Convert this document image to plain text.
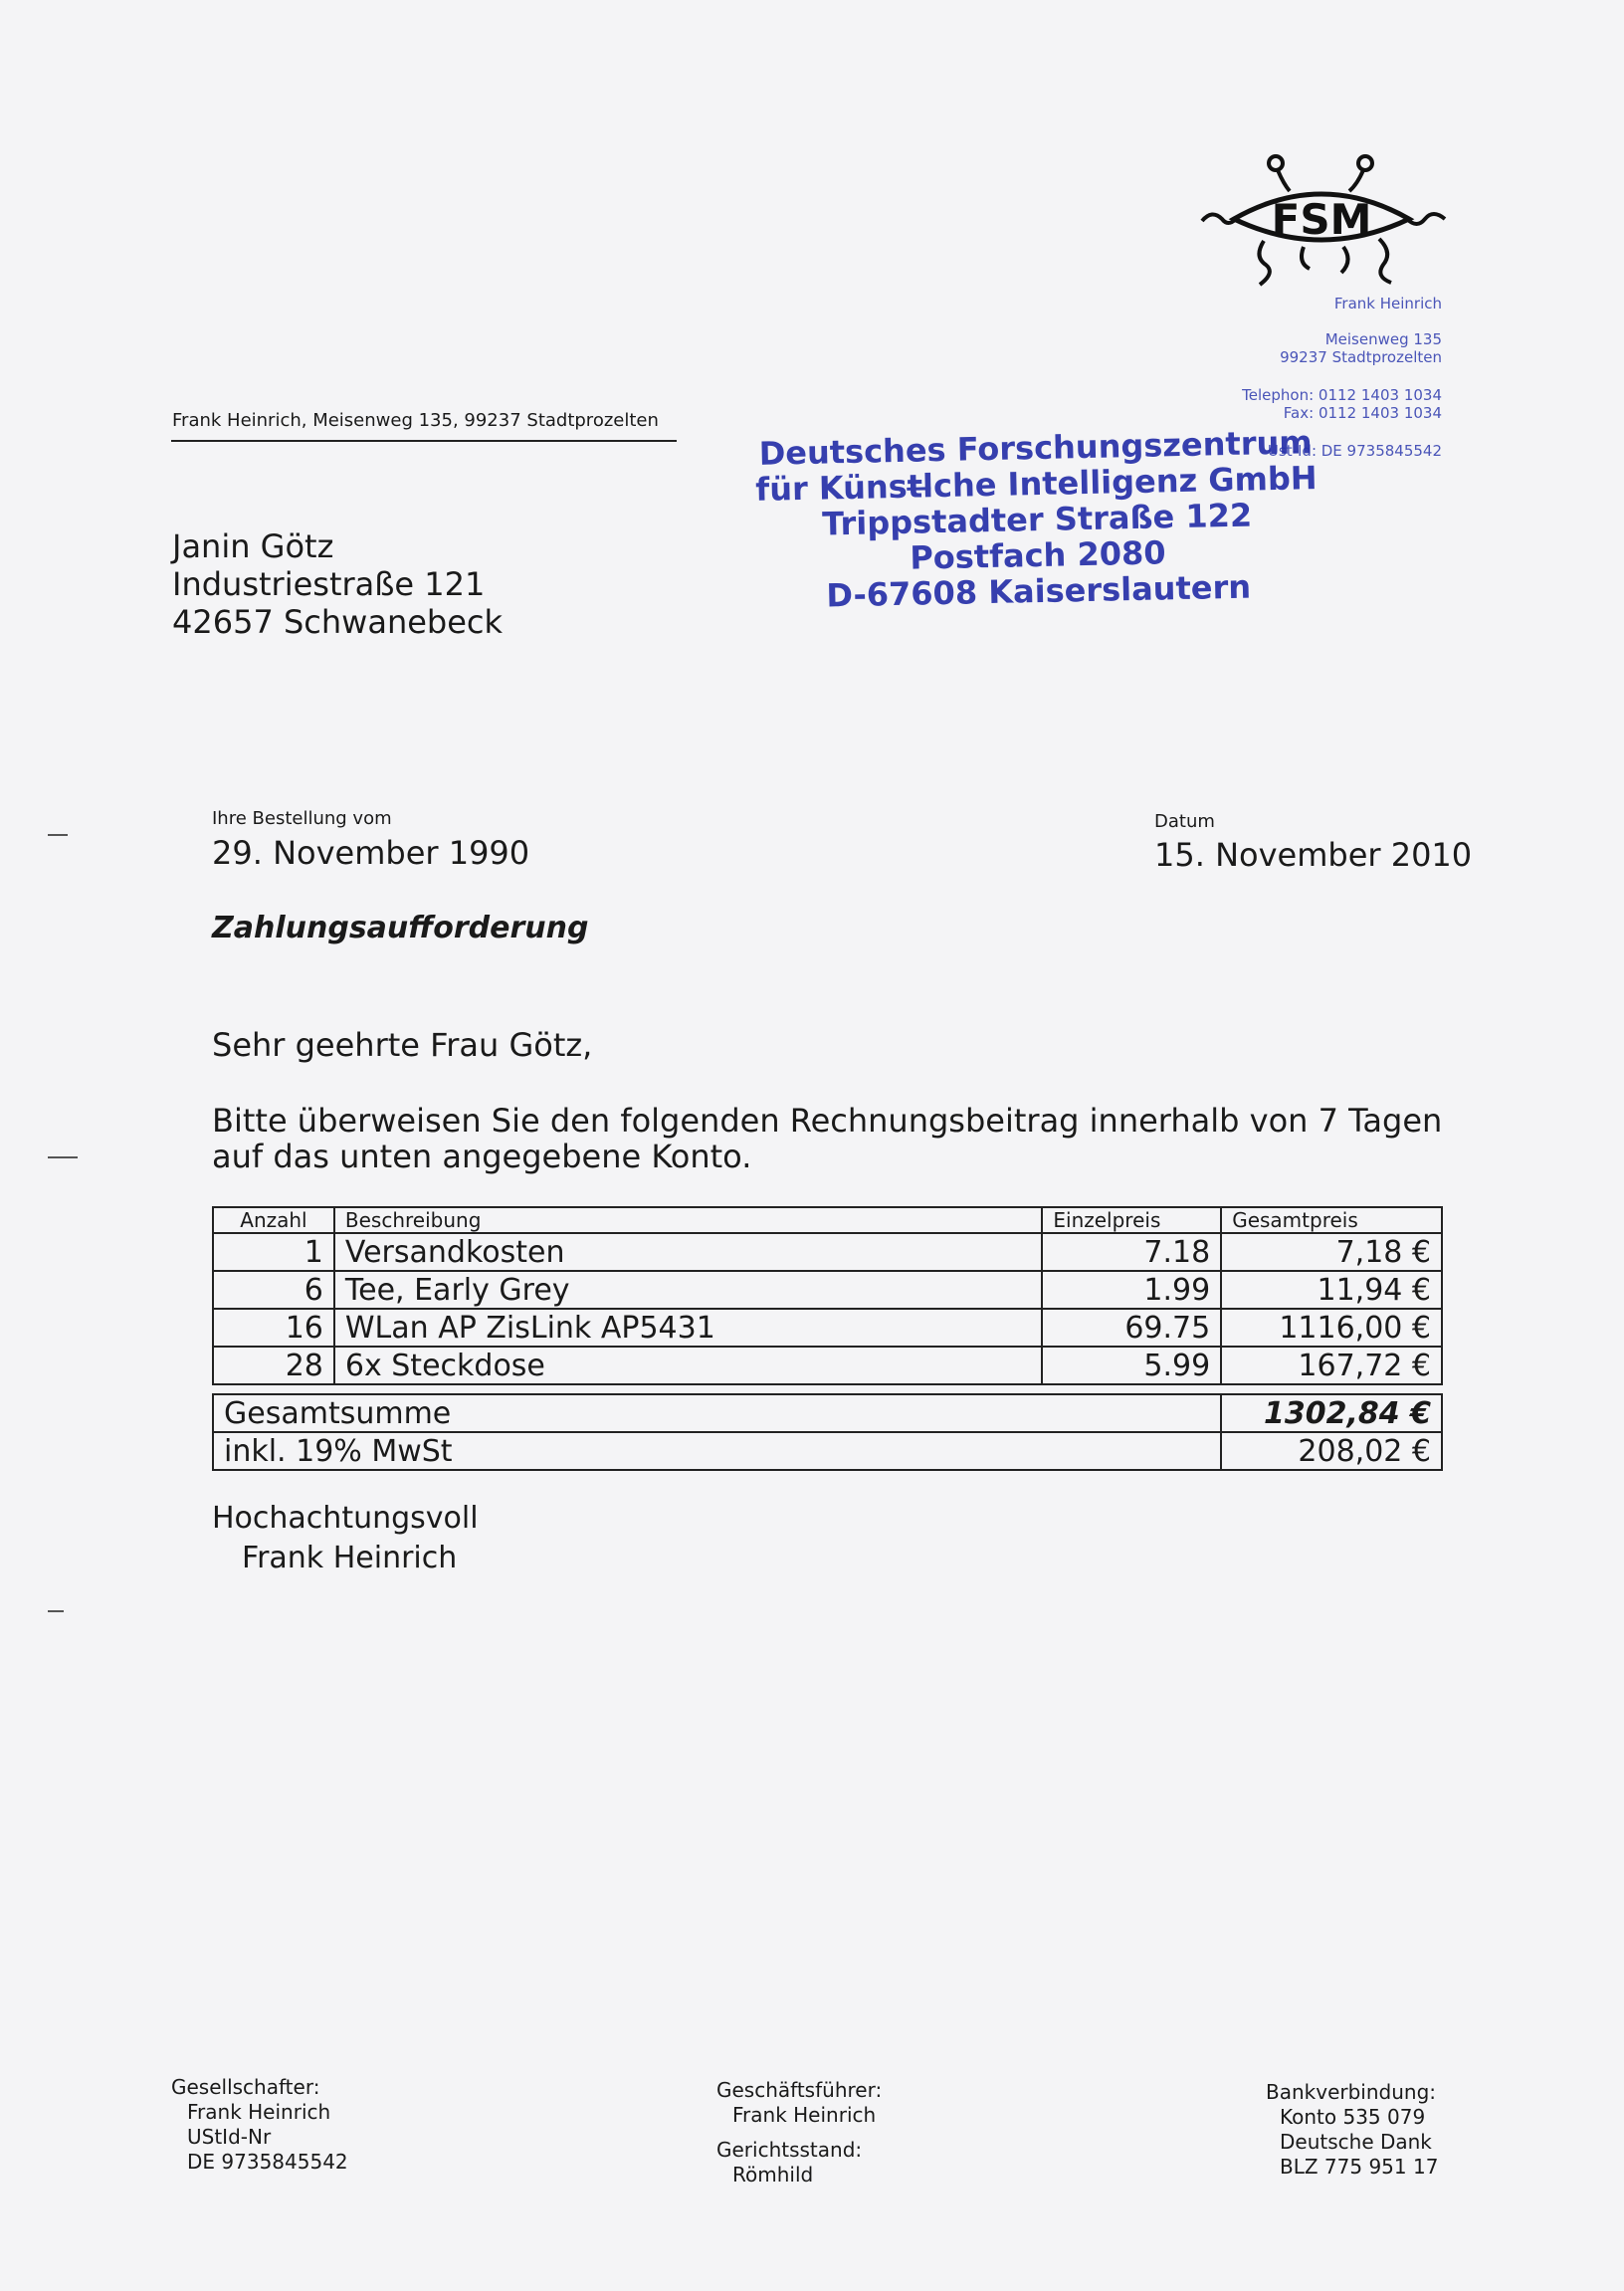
FSM
Frank Heinrich
Meisenweg 135
99237 Stadtprozelten
Telephon: 0112 1403 1034
Fax: 0112 1403 1034
Ust-Id: DE 9735845542
Frank Heinrich, Meisenweg 135, 99237 Stadtprozelten
Janin Götz
Industriestraße 121
42657 Schwanebeck
Deutsches Forschungszentrum
für Künstl̶che Intelligenz GmbH
Trippstadter Straße 122
Postfach 2080
D-67608 Kaiserslautern
Ihre Bestellung vom
29. November 1990
Datum
15. November 2010
Zahlungsaufforderung
Sehr geehrte Frau Götz,
Bitte überweisen Sie den folgenden Rechnungsbeitrag innerhalb von 7 Tagen
auf das unten angegebene Konto.
Anzahl	Beschreibung	Einzelpreis	Gesamtpreis
1	Versandkosten	7.18	7,18 €
6	Tee, Early Grey	1.99	11,94 €
16	WLan AP ZisLink AP5431	69.75	1116,00 €
28	6x Steckdose	5.99	167,72 €
Gesamtsumme	1302,84 €
inkl. 19% MwSt	208,02 €
Hochachtungsvoll
Frank Heinrich
Gesellschafter:
Frank Heinrich
UStId-Nr
DE 9735845542
Geschäftsführer:
Frank Heinrich
Gerichtsstand:
Römhild
Bankverbindung:
Konto 535 079
Deutsche Dank
BLZ 775 951 17
